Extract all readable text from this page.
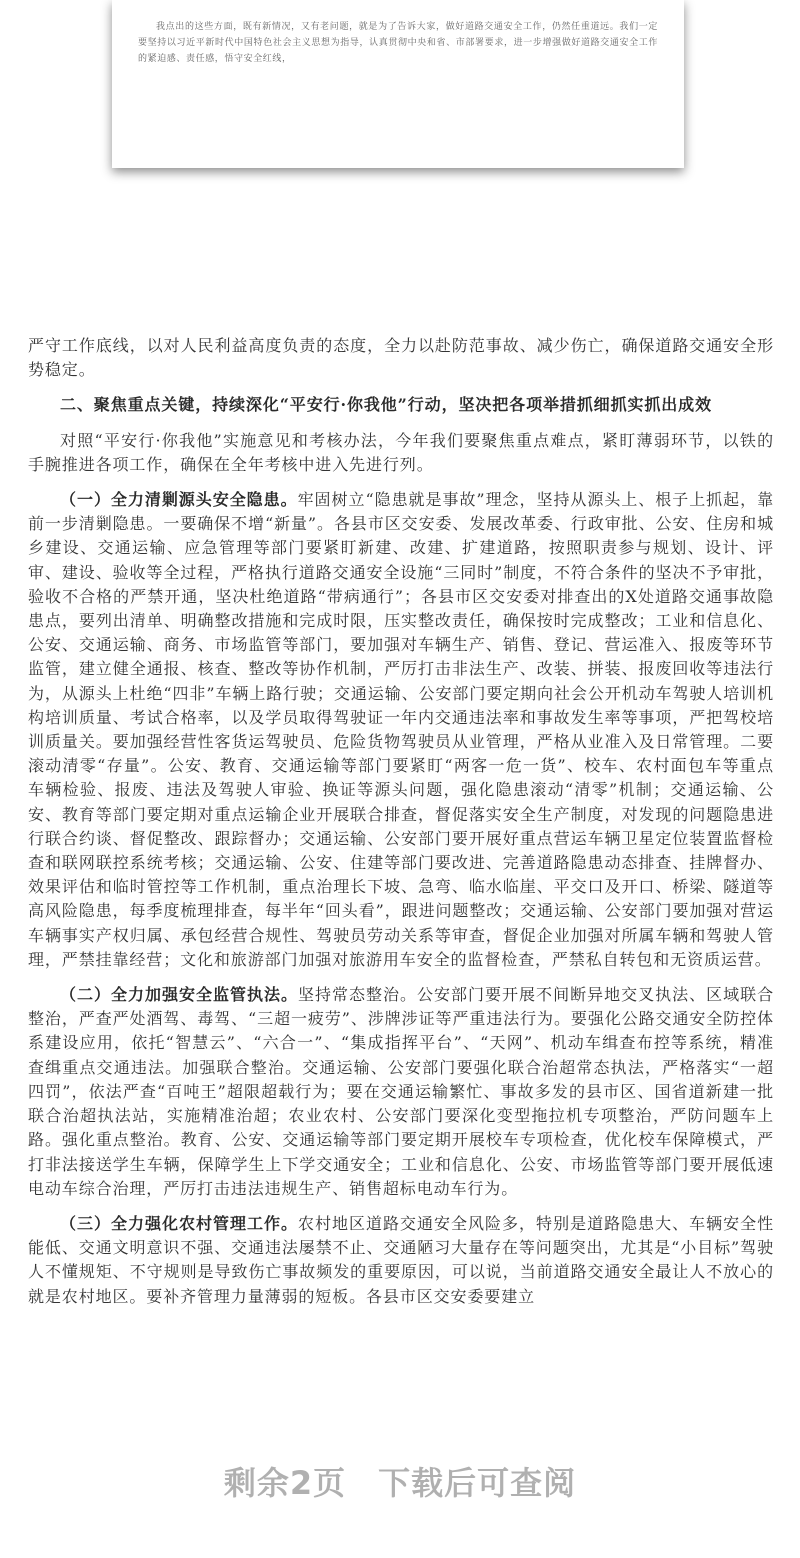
我点出的这些方面，既有新情况，又有老问题，就是为了告诉大家，做好道路交通安全工作，仍然任重道远。我们一定要坚持以习近平新时代中国特色社会主义思想为指导，认真贯彻中央和省、市部署要求，进一步增强做好道路交通安全工作的紧迫感、责任感，悟守安全红线，

严守工作底线，以对人民利益高度负责的态度，全力以赴防范事故、减少伤亡，确保道路交通安全形势稳定。

二、聚焦重点关键，持续深化“平安行·你我他”行动，坚决把各项举措抓细抓实抓出成效

对照“平安行·你我他”实施意见和考核办法，今年我们要聚焦重点难点，紧盯薄弱环节，以铁的手腕推进各项工作，确保在全年考核中进入先进行列。

（一）全力清剿源头安全隐患。牢固树立“隐患就是事故”理念，坚持从源头上、根子上抓起，靠前一步清剿隐患。一要确保不增“新量”。各县市区交安委、发展改革委、行政审批、公安、住房和城乡建设、交通运输、应急管理等部门要紧盯新建、改建、扩建道路，按照职责参与规划、设计、评审、建设、验收等全过程，严格执行道路交通安全设施“三同时”制度，不符合条件的坚决不予审批，验收不合格的严禁开通，坚决杜绝道路“带病通行”；各县市区交安委对排查出的X处道路交通事故隐患点，要列出清单、明确整改措施和完成时限，压实整改责任，确保按时完成整改；工业和信息化、公安、交通运输、商务、市场监管等部门，要加强对车辆生产、销售、登记、营运准入、报废等环节监管，建立健全通报、核查、整改等协作机制，严厉打击非法生产、改装、拼装、报废回收等违法行为，从源头上杜绝“四非”车辆上路行驶；交通运输、公安部门要定期向社会公开机动车驾驶人培训机构培训质量、考试合格率，以及学员取得驾驶证一年内交通违法率和事故发生率等事项，严把驾校培训质量关。要加强经营性客货运驾驶员、危险货物驾驶员从业管理，严格从业准入及日常管理。二要滚动清零“存量”。公安、教育、交通运输等部门要紧盯“两客一危一货”、校车、农村面包车等重点车辆检验、报废、违法及驾驶人审验、换证等源头问题，强化隐患滚动“清零”机制；交通运输、公安、教育等部门要定期对重点运输企业开展联合排查，督促落实安全生产制度，对发现的问题隐患进行联合约谈、督促整改、跟踪督办；交通运输、公安部门要开展好重点营运车辆卫星定位装置监督检查和联网联控系统考核；交通运输、公安、住建等部门要改进、完善道路隐患动态排查、挂牌督办、效果评估和临时管控等工作机制，重点治理长下坡、急弯、临水临崖、平交口及开口、桥梁、隧道等高风险隐患，每季度梳理排查，每半年“回头看”，跟进问题整改；交通运输、公安部门要加强对营运车辆事实产权归属、承包经营合规性、驾驶员劳动关系等审查，督促企业加强对所属车辆和驾驶人管理，严禁挂靠经营；文化和旅游部门加强对旅游用车安全的监督检查，严禁私自转包和无资质运营。

（二）全力加强安全监管执法。坚持常态整治。公安部门要开展不间断异地交叉执法、区域联合整治，严查严处酒驾、毒驾、“三超一疲劳”、涉牌涉证等严重违法行为。要强化公路交通安全防控体系建设应用，依托“智慧云”、“六合一”、“集成指挥平台”、“天网”、机动车缉查布控等系统，精准查缉重点交通违法。加强联合整治。交通运输、公安部门要强化联合治超常态执法，严格落实“一超四罚”，依法严查“百吨王”超限超载行为；要在交通运输繁忙、事故多发的县市区、国省道新建一批联合治超执法站，实施精准治超；农业农村、公安部门要深化变型拖拉机专项整治，严防问题车上路。强化重点整治。教育、公安、交通运输等部门要定期开展校车专项检查，优化校车保障模式，严打非法接送学生车辆，保障学生上下学交通安全；工业和信息化、公安、市场监管等部门要开展低速电动车综合治理，严厉打击违法违规生产、销售超标电动车行为。

（三）全力强化农村管理工作。农村地区道路交通安全风险多，特别是道路隐患大、车辆安全性能低、交通文明意识不强、交通违法屡禁不止、交通陋习大量存在等问题突出，尤其是“小目标”驾驶人不懂规矩、不守规则是导致伤亡事故频发的重要原因，可以说，当前道路交通安全最让人不放心的就是农村地区。要补齐管理力量薄弱的短板。各县市区交安委要建立

剩余2页 下载后可查阅
